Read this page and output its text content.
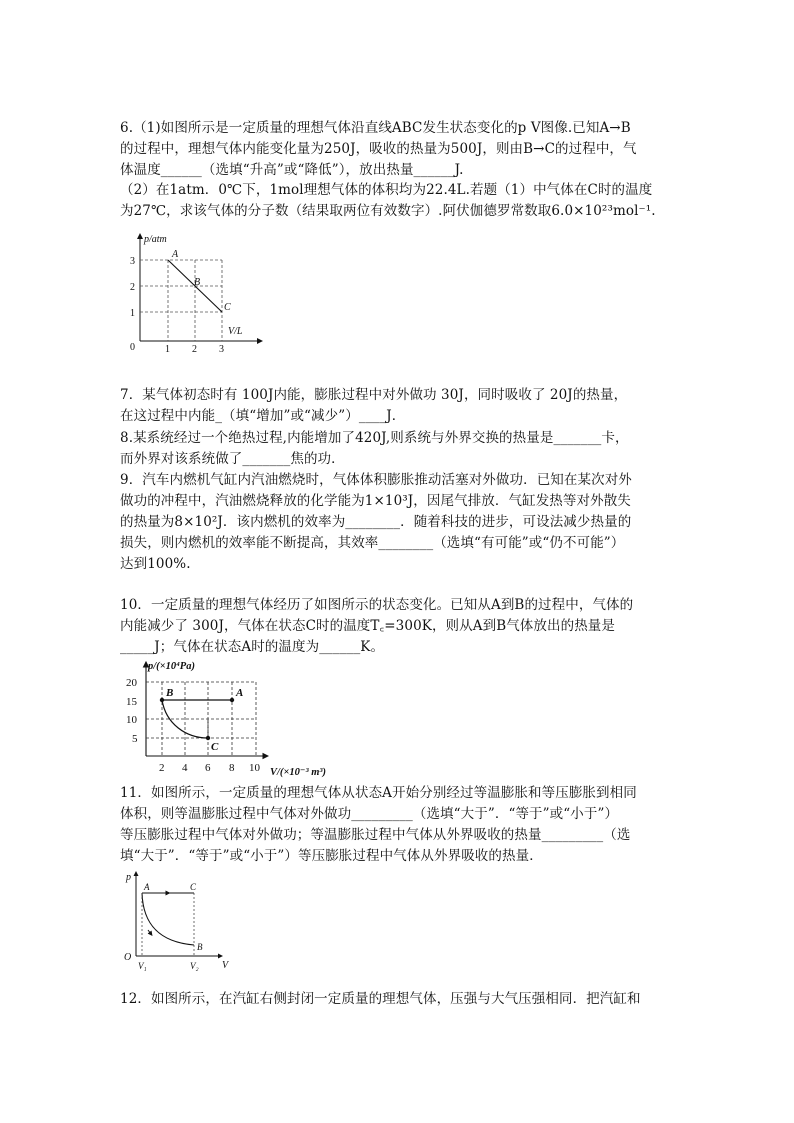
6.（1)如图所示是一定质量的理想气体沿直线ABC发生状态变化的p V图像.已知A→B

的过程中，理想气体内能变化量为250J，吸收的热量为500J，则由B→C的过程中，气

体温度______（选填“升高”或“降低”），放出热量______J.

（2）在1atm．0℃下，1mol理想气体的体积均为22.4L.若题（1）中气体在C时的温度

为27℃，求该气体的分子数（结果取两位有效数字）.阿伏伽德罗常数取6.0×10²³mol⁻¹.

p/atm
V/L
0
3
2
1
1 2 3
A
B
C

7．某气体初态时有 100J内能，膨胀过程中对外做功 30J，同时吸收了 20J的热量，

在这过程中内能_（填“增加”或“减少”）____J．

8.某系统经过一个绝热过程,内能增加了420J,则系统与外界交换的热量是_______卡，

而外界对该系统做了_______焦的功．

9．汽车内燃机气缸内汽油燃烧时，气体体积膨胀推动活塞对外做功．已知在某次对外

做功的冲程中，汽油燃烧释放的化学能为1×10³J，因尾气排放．气缸发热等对外散失

的热量为8×10²J．该内燃机的效率为________．随着科技的进步，可设法减少热量的

损失，则内燃机的效率能不断提高，其效率________（选填“有可能”或“仍不可能”）

达到100%.

10．一定质量的理想气体经历了如图所示的状态变化。已知从A到B的过程中，气体的

内能减少了 300J，气体在状态C时的温度T꜀=300K，则从A到B气体放出的热量是

_____J；气体在状态A时的温度为______K。

p/(×10⁴Pa)
V/(×10⁻³ m³)
20
15
10
5
2 4 6 8 10
B	A
C

11．如图所示，一定质量的理想气体从状态A开始分别经过等温膨胀和等压膨胀到相同

体积，则等温膨胀过程中气体对外做功_________（选填“大于”．“等于”或“小于”）

等压膨胀过程中气体对外做功；等温膨胀过程中气体从外界吸收的热量_________（选

填“大于”．“等于”或“小于”）等压膨胀过程中气体从外界吸收的热量．

p
V
O
V₁	V₂
A	C
B

12．如图所示，在汽缸右侧封闭一定质量的理想气体，压强与大气压强相同．把汽缸和
